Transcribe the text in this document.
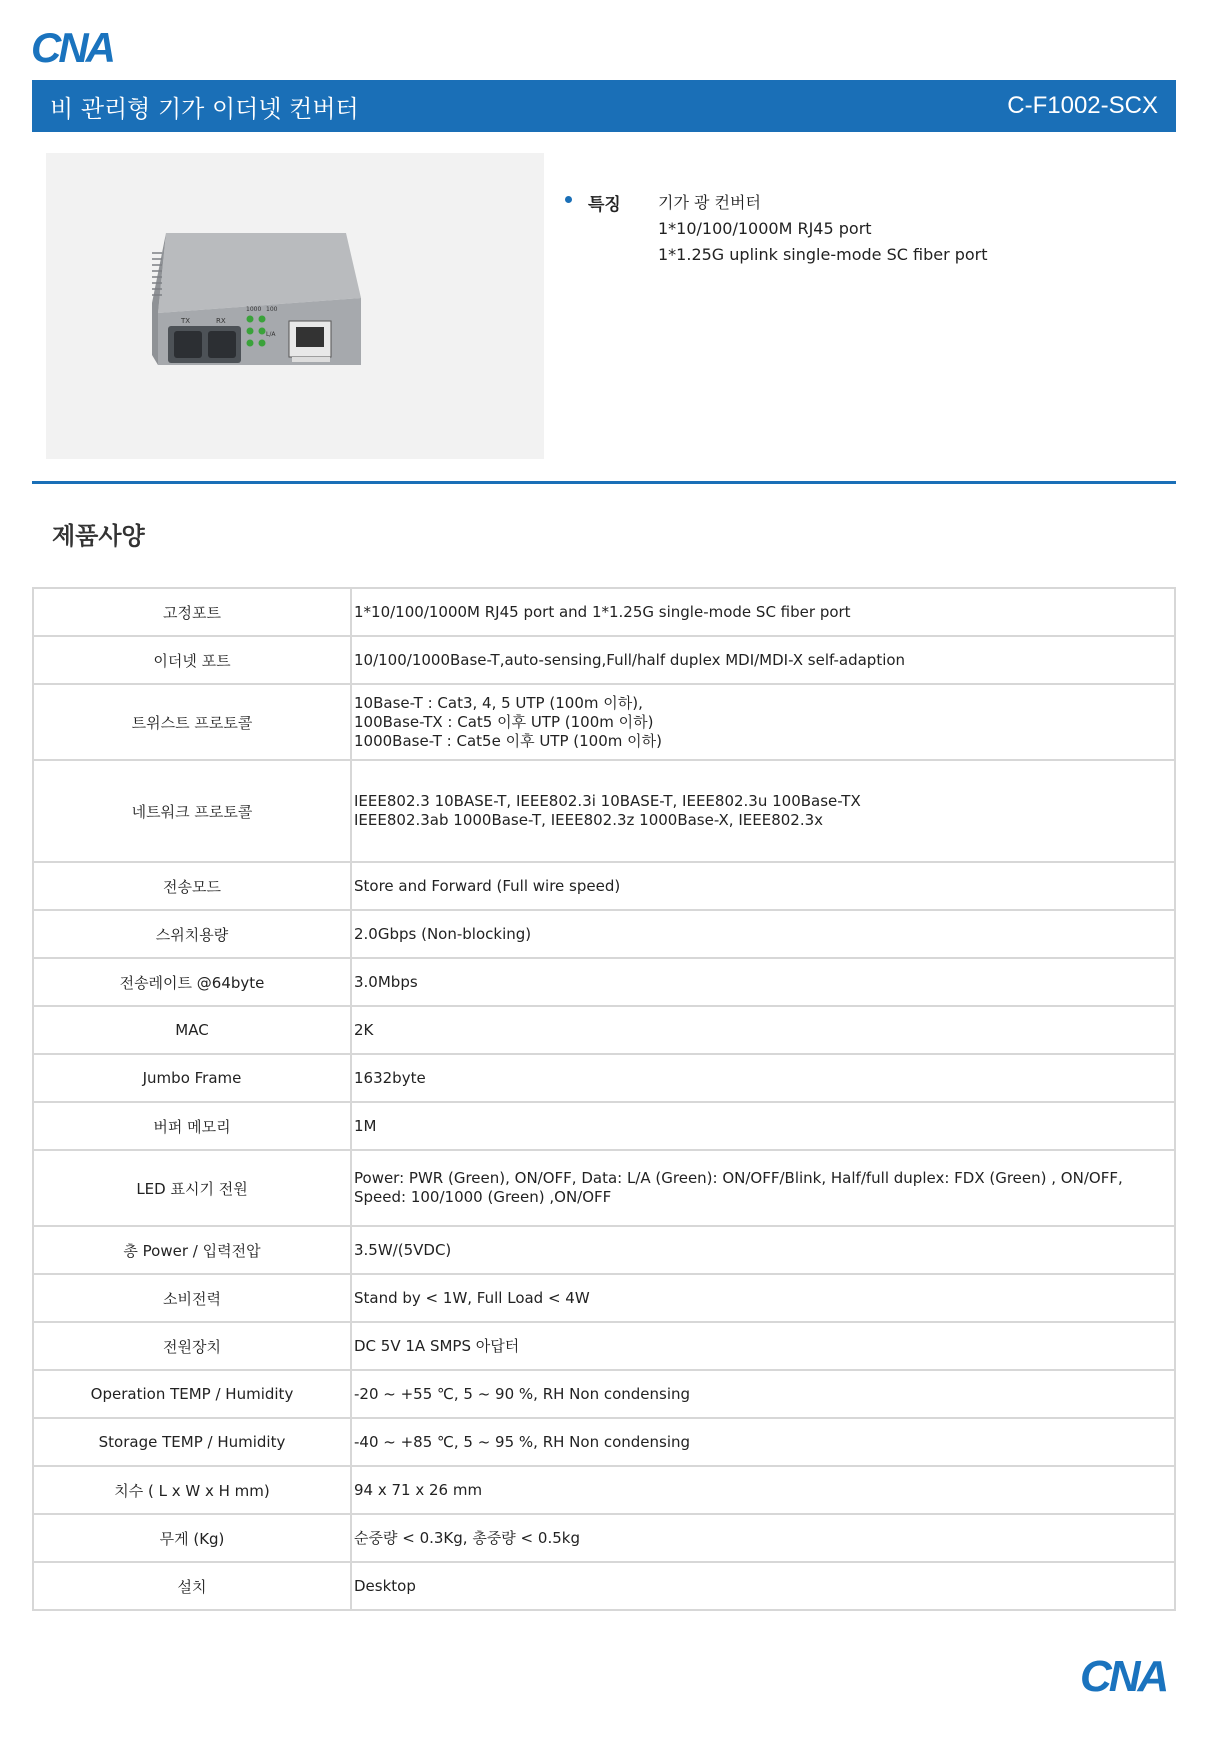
CNA
비 관리형 기가 이더넷 컨버터	C-F1002-SCX
TX	RX
1000 100
L/A
특징 기가 광 컨버터
1*10/100/1000M RJ45 port
1*1.25G uplink single-mode SC fiber port
제품사양
고정포트	1*10/100/1000M RJ45 port and 1*1.25G single-mode SC fiber port
이더넷 포트	10/100/1000Base-T,auto-sensing,Full/half duplex MDI/MDI-X self-adaption
트위스트 프로토콜	10Base-T : Cat3, 4, 5 UTP (100m 이하),
100Base-TX : Cat5 이후 UTP (100m 이하)
1000Base-T : Cat5e 이후 UTP (100m 이하)
네트워크 프로토콜	IEEE802.3 10BASE-T, IEEE802.3i 10BASE-T, IEEE802.3u 100Base-TX
IEEE802.3ab 1000Base-T, IEEE802.3z 1000Base-X, IEEE802.3x
전송모드	Store and Forward (Full wire speed)
스위치용량	2.0Gbps (Non-blocking)
전송레이트 @64byte	3.0Mbps
MAC	2K
Jumbo Frame	1632byte
버퍼 메모리	1M
LED 표시기 전원	Power: PWR (Green), ON/OFF, Data: L/A (Green): ON/OFF/Blink, Half/full duplex: FDX (Green) , ON/OFF, Speed: 100/1000 (Green) ,ON/OFF
총 Power / 입력전압	3.5W/(5VDC)
소비전력	Stand by < 1W, Full Load < 4W
전원장치	DC 5V 1A SMPS 아답터
Operation TEMP / Humidity	-20 ~ +55 ℃, 5 ~ 90 %, RH Non condensing
Storage TEMP / Humidity	-40 ~ +85 ℃, 5 ~ 95 %, RH Non condensing
치수 ( L x W x H mm)	94 x 71 x 26 mm
무게 (Kg)	순중량 < 0.3Kg, 총중량 < 0.5kg
설치	Desktop
CNA
